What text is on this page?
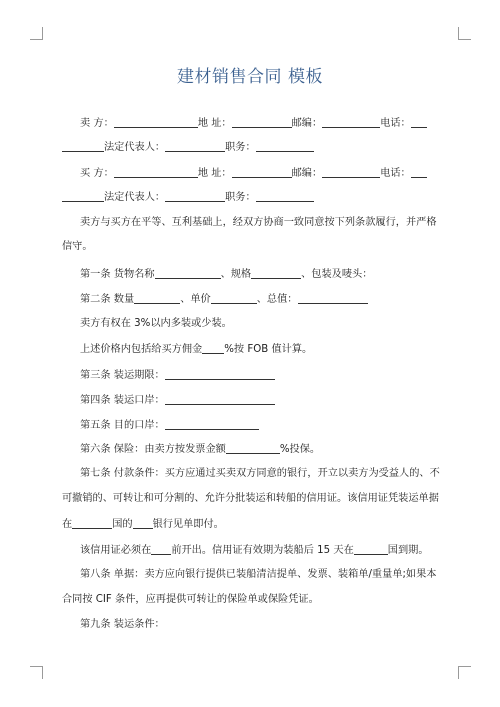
建材销售合同 模板
卖 方：	地 址：	邮编：	电话：
法定代表人：	职务：
买 方：	地 址：	邮编：	电话：
法定代表人：	职务：
卖方与买方在平等、互利基础上，经双方协商一致同意按下列条款履行，并严格
信守。
第一条 货物名称	、规格	、包装及唛头：
第二条 数量	、单价	、总值：
卖方有权在 3%以内多装或少装。
上述价格内包括给买方佣金 %按 FOB 值计算。
第三条 装运期限：
第四条 装运口岸：
第五条 目的口岸：
第六条 保险：由卖方按发票金额	%投保。
第七条 付款条件：买方应通过买卖双方同意的银行，开立以卖方为受益人的、不
可撤销的、可转让和可分割的、允许分批装运和转船的信用证。该信用证凭装运单据
在	国的 银行见单即付。
该信用证必须在 前开出。信用证有效期为装船后 15 天在	国到期。
第八条 单据：卖方应向银行提供已装船清洁提单、发票、装箱单/重量单;如果本
合同按 CIF 条件，应再提供可转让的保险单或保险凭证。
第九条 装运条件：
